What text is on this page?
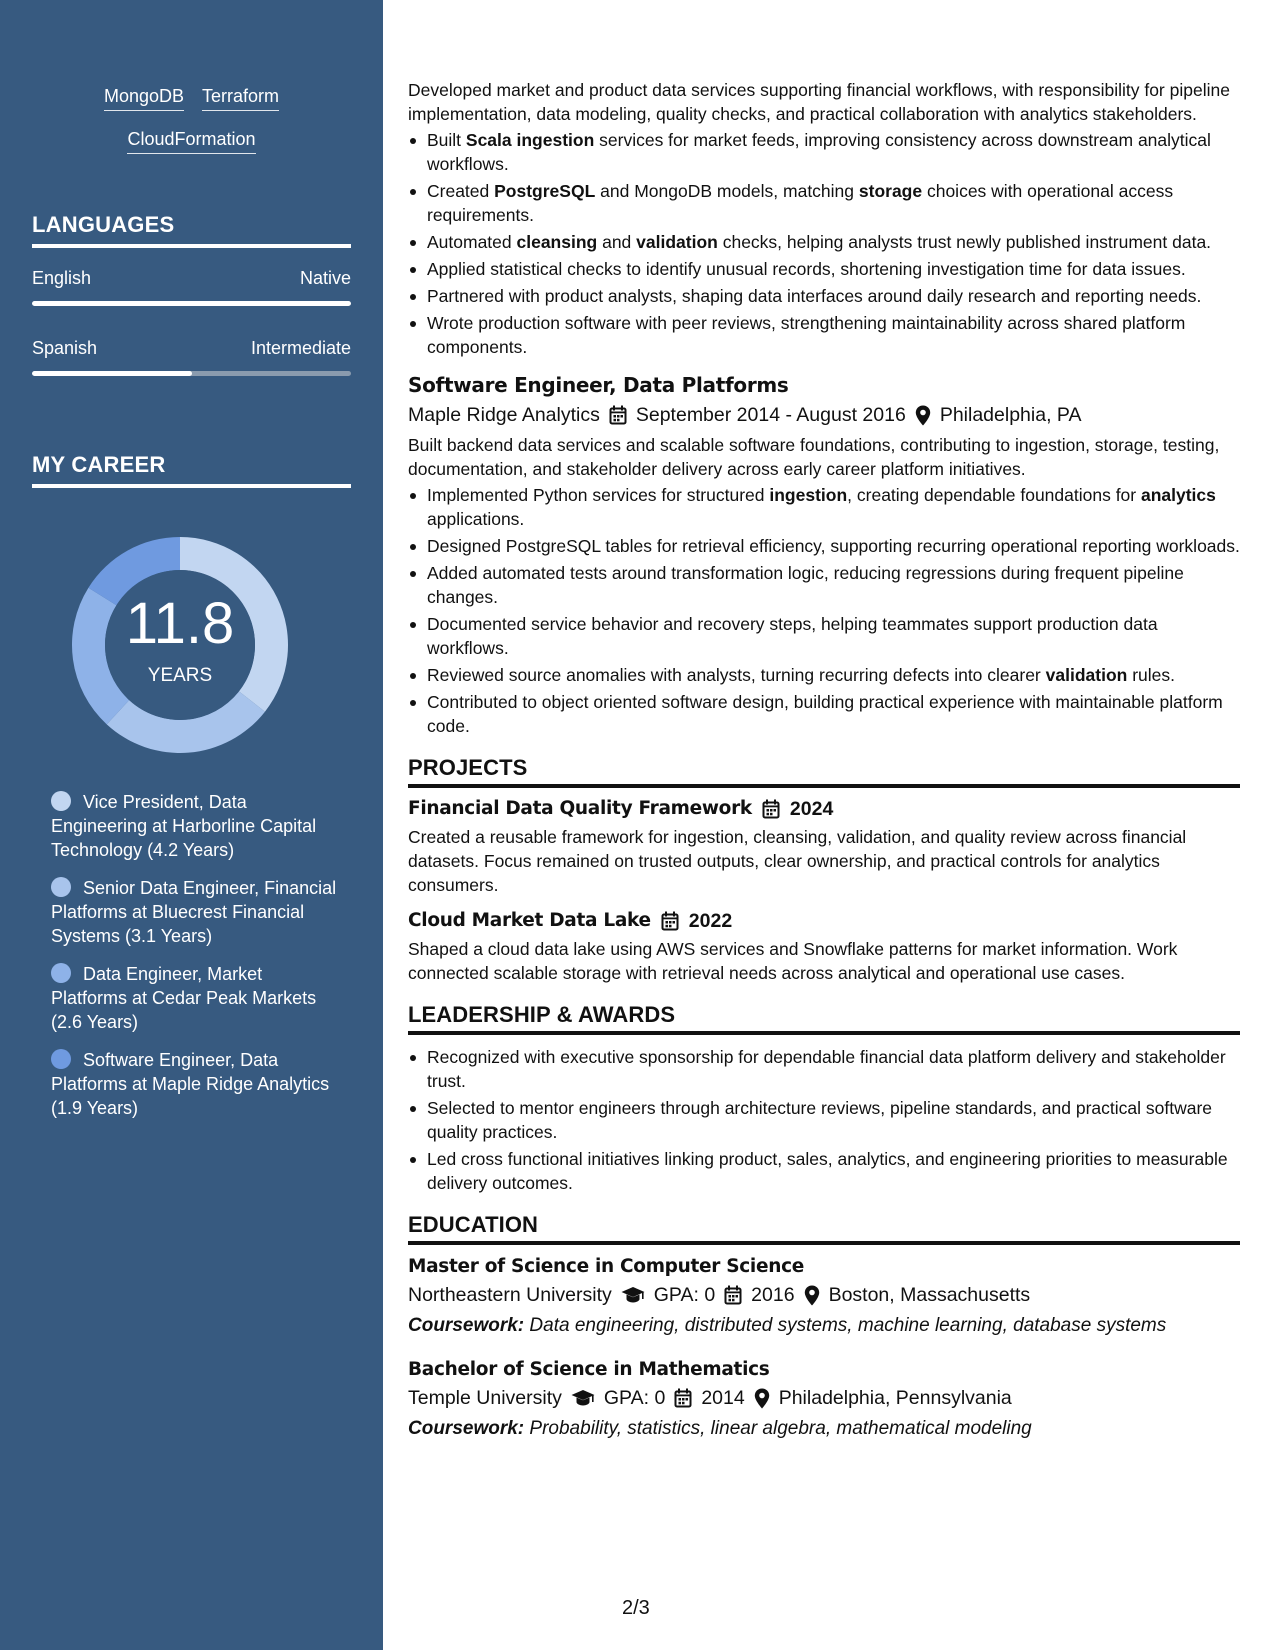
MongoDB Terraform
CloudFormation
LANGUAGES
English	Native
Spanish	Intermediate
MY CAREER
11.8
YEARS
Vice President, Data Engineering at Harborline Capital Technology (4.2 Years)
Senior Data Engineer, Financial Platforms at Bluecrest Financial Systems (3.1 Years)
Data Engineer, Market Platforms at Cedar Peak Markets (2.6 Years)
Software Engineer, Data Platforms at Maple Ridge Analytics (1.9 Years)

Developed market and product data services supporting financial workflows, with responsibility for pipeline implementation, data modeling, quality checks, and practical collaboration with analytics stakeholders.

Built Scala ingestion services for market feeds, improving consistency across downstream analytical workflows.
Created PostgreSQL and MongoDB models, matching storage choices with operational access requirements.
Automated cleansing and validation checks, helping analysts trust newly published instrument data.
Applied statistical checks to identify unusual records, shortening investigation time for data issues.
Partnered with product analysts, shaping data interfaces around daily research and reporting needs.
Wrote production software with peer reviews, strengthening maintainability across shared platform components.
Software Engineer, Data Platforms
Maple Ridge Analytics September 2014 - August 2016 Philadelphia, PA

Built backend data services and scalable software foundations, contributing to ingestion, storage, testing, documentation, and stakeholder delivery across early career platform initiatives.

Implemented Python services for structured ingestion, creating dependable foundations for analytics applications.
Designed PostgreSQL tables for retrieval efficiency, supporting recurring operational reporting workloads.
Added automated tests around transformation logic, reducing regressions during frequent pipeline changes.
Documented service behavior and recovery steps, helping teammates support production data workflows.
Reviewed source anomalies with analysts, turning recurring defects into clearer validation rules.
Contributed to object oriented software design, building practical experience with maintainable platform code.
PROJECTS
Financial Data Quality Framework 2024

Created a reusable framework for ingestion, cleansing, validation, and quality review across financial datasets. Focus remained on trusted outputs, clear ownership, and practical controls for analytics consumers.

Cloud Market Data Lake 2022

Shaped a cloud data lake using AWS services and Snowflake patterns for market information. Work connected scalable storage with retrieval needs across analytical and operational use cases.

LEADERSHIP & AWARDS
Recognized with executive sponsorship for dependable financial data platform delivery and stakeholder trust.
Selected to mentor engineers through architecture reviews, pipeline standards, and practical software quality practices.
Led cross functional initiatives linking product, sales, analytics, and engineering priorities to measurable delivery outcomes.
EDUCATION
Master of Science in Computer Science
Northeastern University GPA: 0 2016 Boston, Massachusetts
Coursework: Data engineering, distributed systems, machine learning, database systems
Bachelor of Science in Mathematics
Temple University GPA: 0 2014 Philadelphia, Pennsylvania
Coursework: Probability, statistics, linear algebra, mathematical modeling
2/3
